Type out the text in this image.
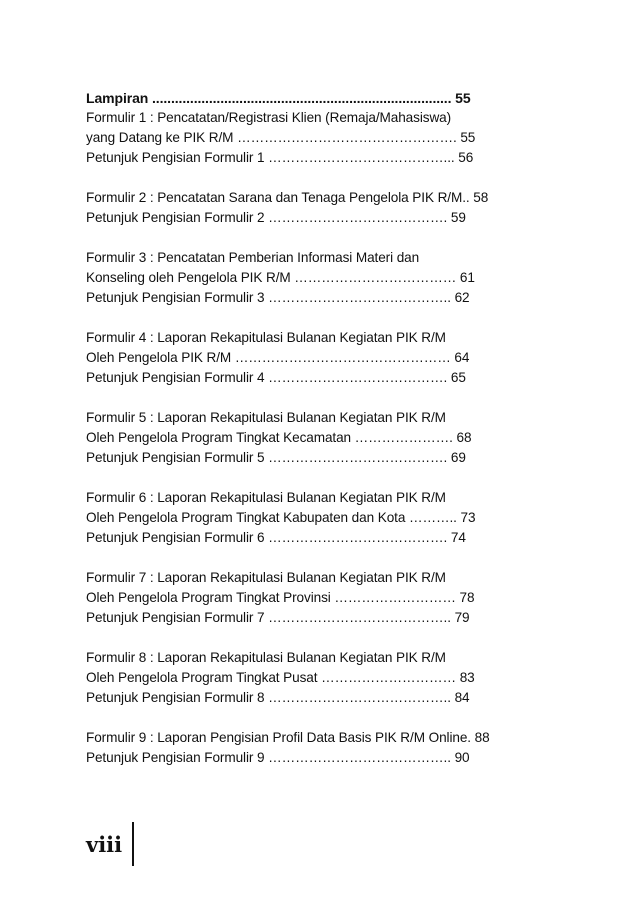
Lampiran ............................................................................... 55
Formulir 1 : Pencatatan/Registrasi Klien (Remaja/Mahasiswa)
yang Datang ke PIK R/M …………………………………………. 55
Petunjuk Pengisian Formulir 1 …………………………………... 56
Formulir 2 : Pencatatan Sarana dan Tenaga Pengelola PIK R/M.. 58
Petunjuk Pengisian Formulir 2 …………………………………. 59
Formulir 3 : Pencatatan Pemberian Informasi Materi dan
Konseling oleh Pengelola PIK R/M ……………………………… 61
Petunjuk Pengisian Formulir 3 ………………………………….. 62
Formulir 4 : Laporan Rekapitulasi Bulanan Kegiatan PIK R/M
Oleh Pengelola PIK R/M ………………………………………… 64
Petunjuk Pengisian Formulir 4 …………………………………. 65
Formulir 5 : Laporan Rekapitulasi Bulanan Kegiatan PIK R/M
Oleh Pengelola Program Tingkat Kecamatan …………………. 68
Petunjuk Pengisian Formulir 5 …………………………………. 69
Formulir 6 : Laporan Rekapitulasi Bulanan Kegiatan PIK R/M
Oleh Pengelola Program Tingkat Kabupaten dan Kota ……….. 73
Petunjuk Pengisian Formulir 6 …………………………………. 74
Formulir 7 : Laporan Rekapitulasi Bulanan Kegiatan PIK R/M
Oleh Pengelola Program Tingkat Provinsi ……………………… 78
Petunjuk Pengisian Formulir 7 ………………………………….. 79
Formulir 8 : Laporan Rekapitulasi Bulanan Kegiatan PIK R/M
Oleh Pengelola Program Tingkat Pusat ………………………… 83
Petunjuk Pengisian Formulir 8 ………………………………….. 84
Formulir 9 : Laporan Pengisian Profil Data Basis PIK R/M Online. 88
Petunjuk Pengisian Formulir 9 ………………………………….. 90
viii
